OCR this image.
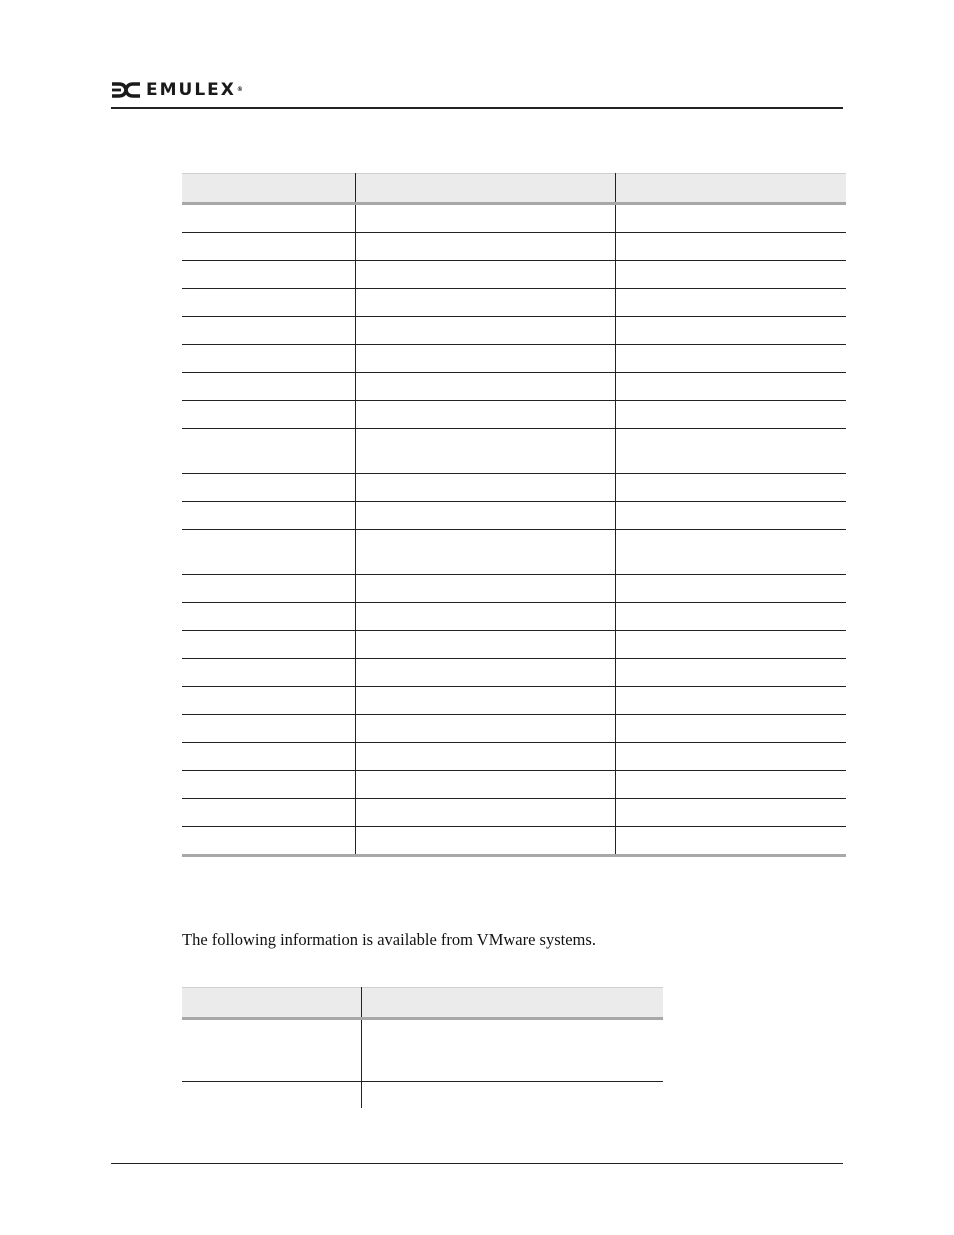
EMULEX®

The following information is available from VMware systems.
